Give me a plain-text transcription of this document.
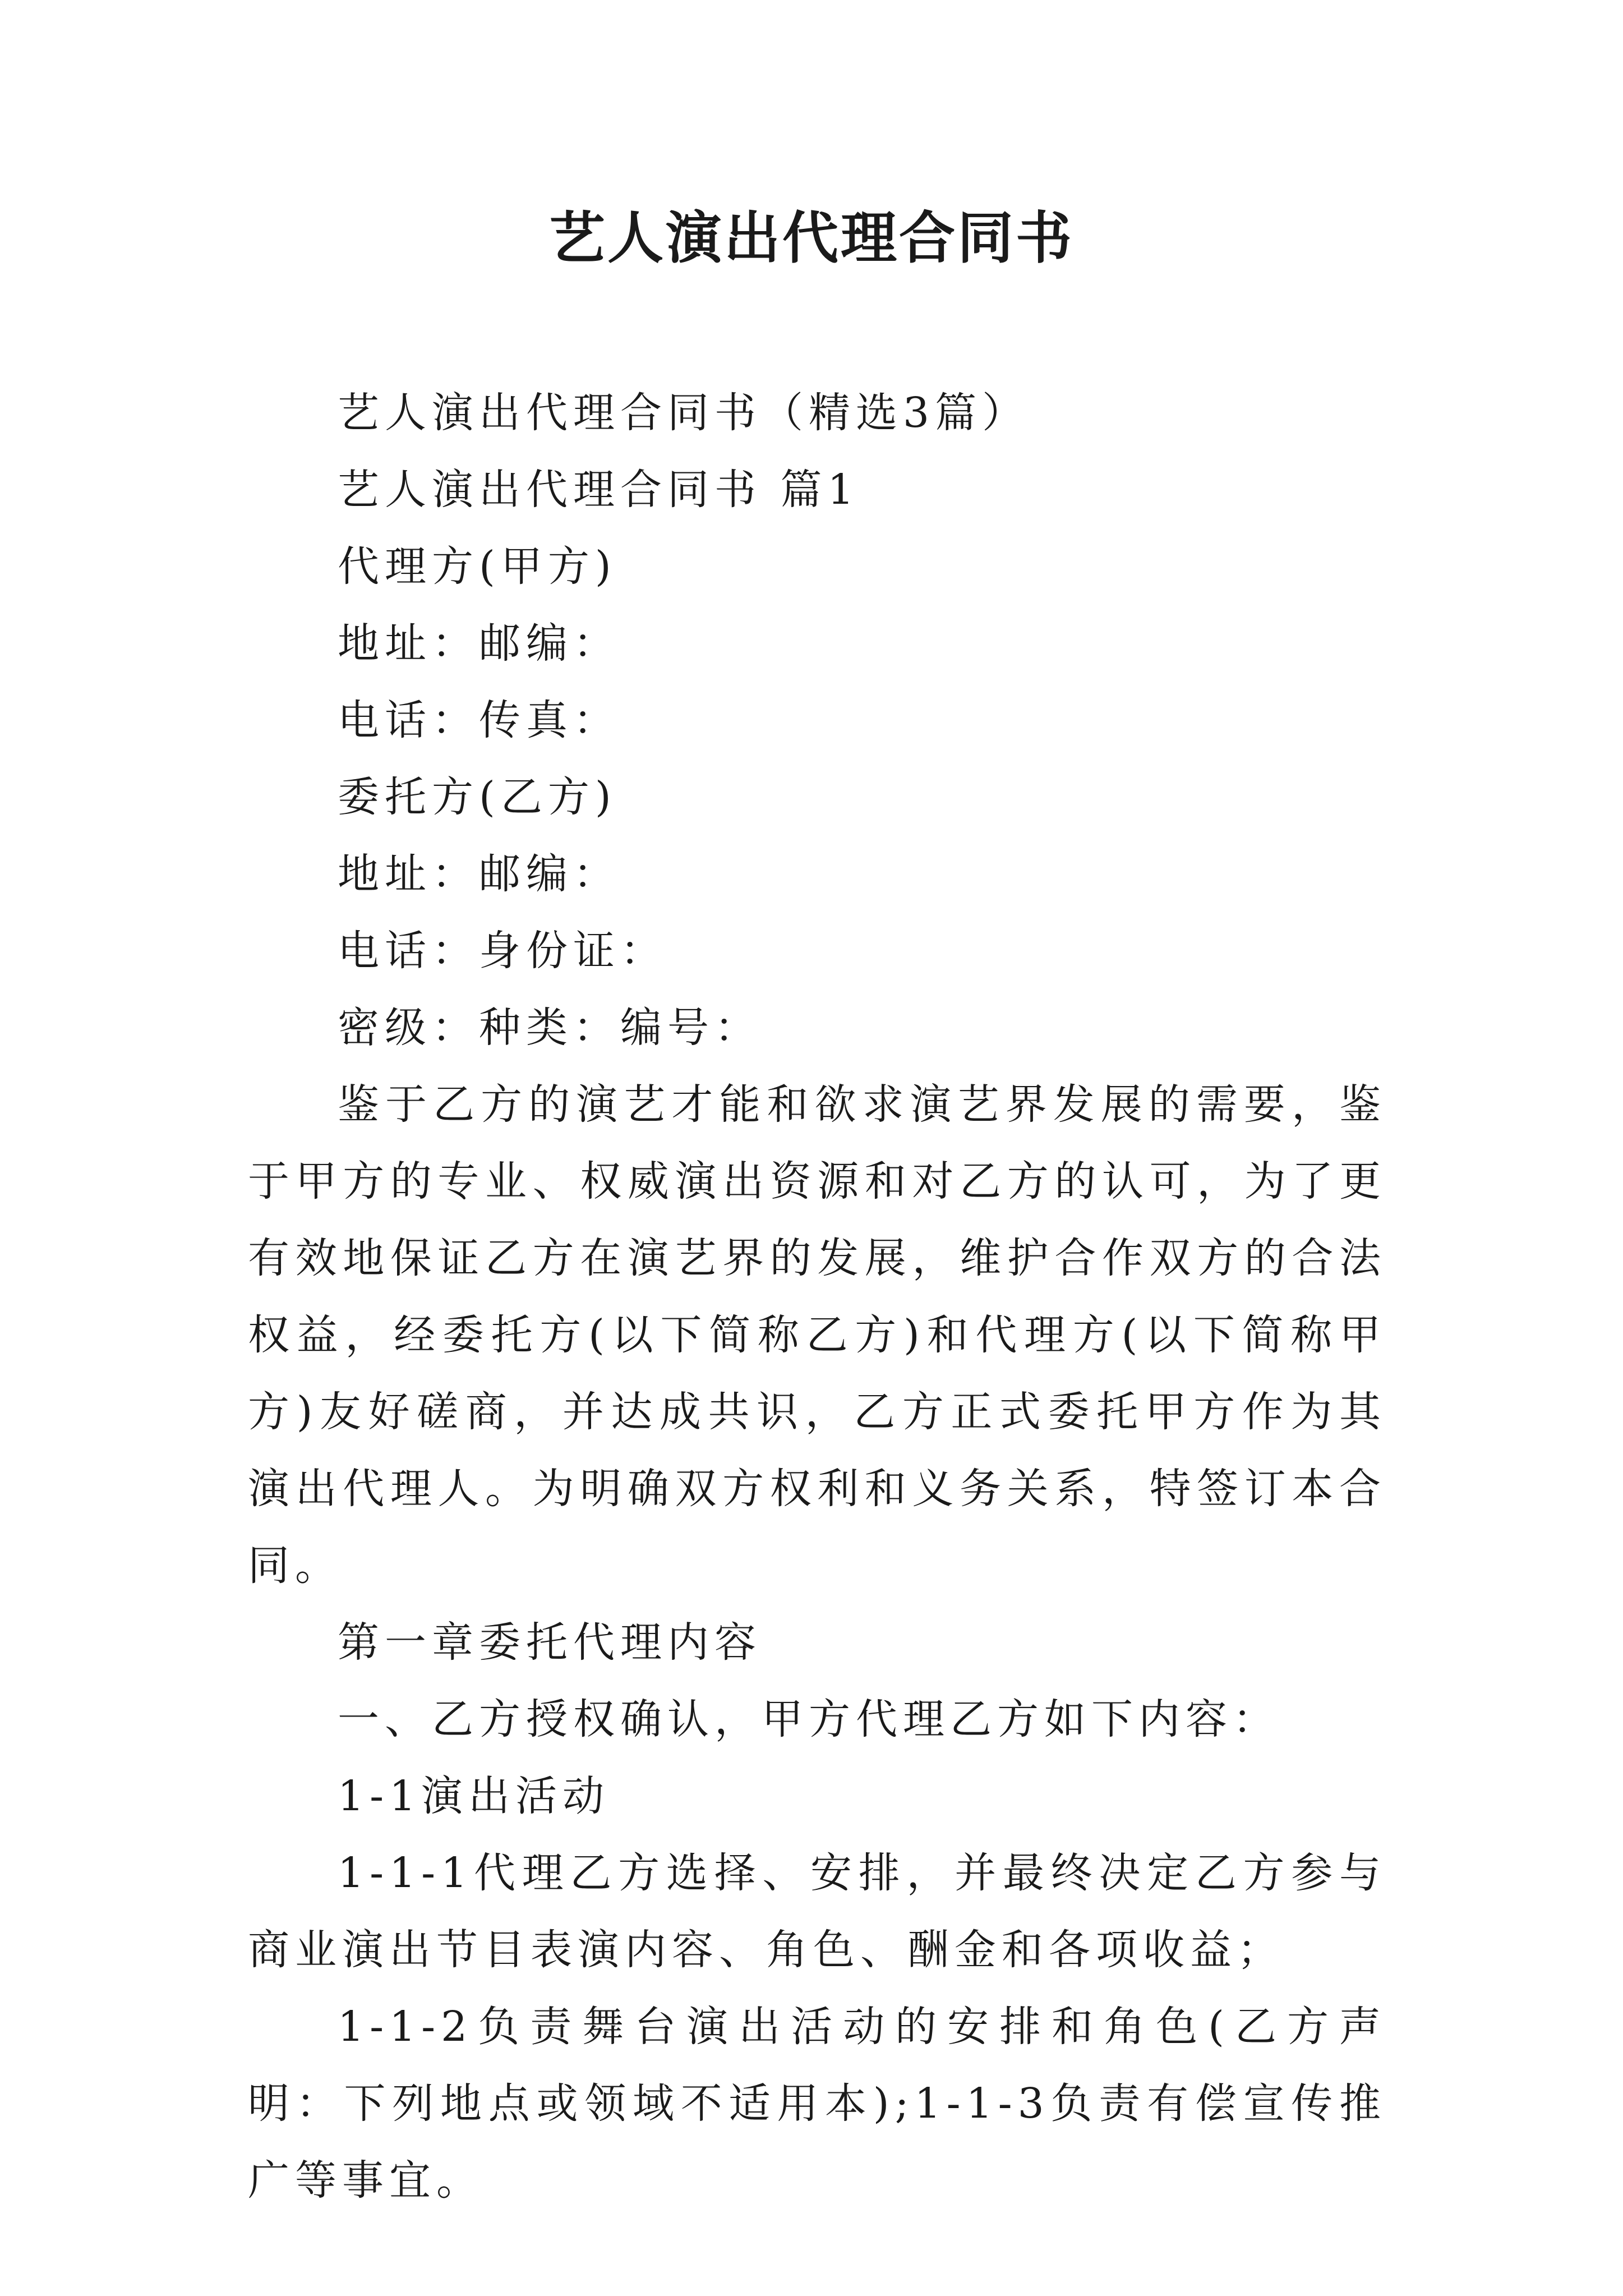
艺人演出代理合同书

艺人演出代理合同书（精选3篇）

艺人演出代理合同书 篇1

代理方(甲方)

地址：邮编：

电话：传真：

委托方(乙方)

地址：邮编：

电话：身份证：

密级：种类：编号：

鉴于乙方的演艺才能和欲求演艺界发展的需要，鉴于甲方的专业、权威演出资源和对乙方的认可，为了更有效地保证乙方在演艺界的发展，维护合作双方的合法权益，经委托方(以下简称乙方)和代理方(以下简称甲方)友好磋商，并达成共识，乙方正式委托甲方作为其演出代理人。为明确双方权利和义务关系，特签订本合同。

第一章委托代理内容

一、乙方授权确认，甲方代理乙方如下内容：

1-1演出活动

1-1-1代理乙方选择、安排，并最终决定乙方参与商业演出节目表演内容、角色、酬金和各项收益；

1-1-2负责舞台演出活动的安排和角色(乙方声明：下列地点或领域不适用本);1-1-3负责有偿宣传推广等事宜。
